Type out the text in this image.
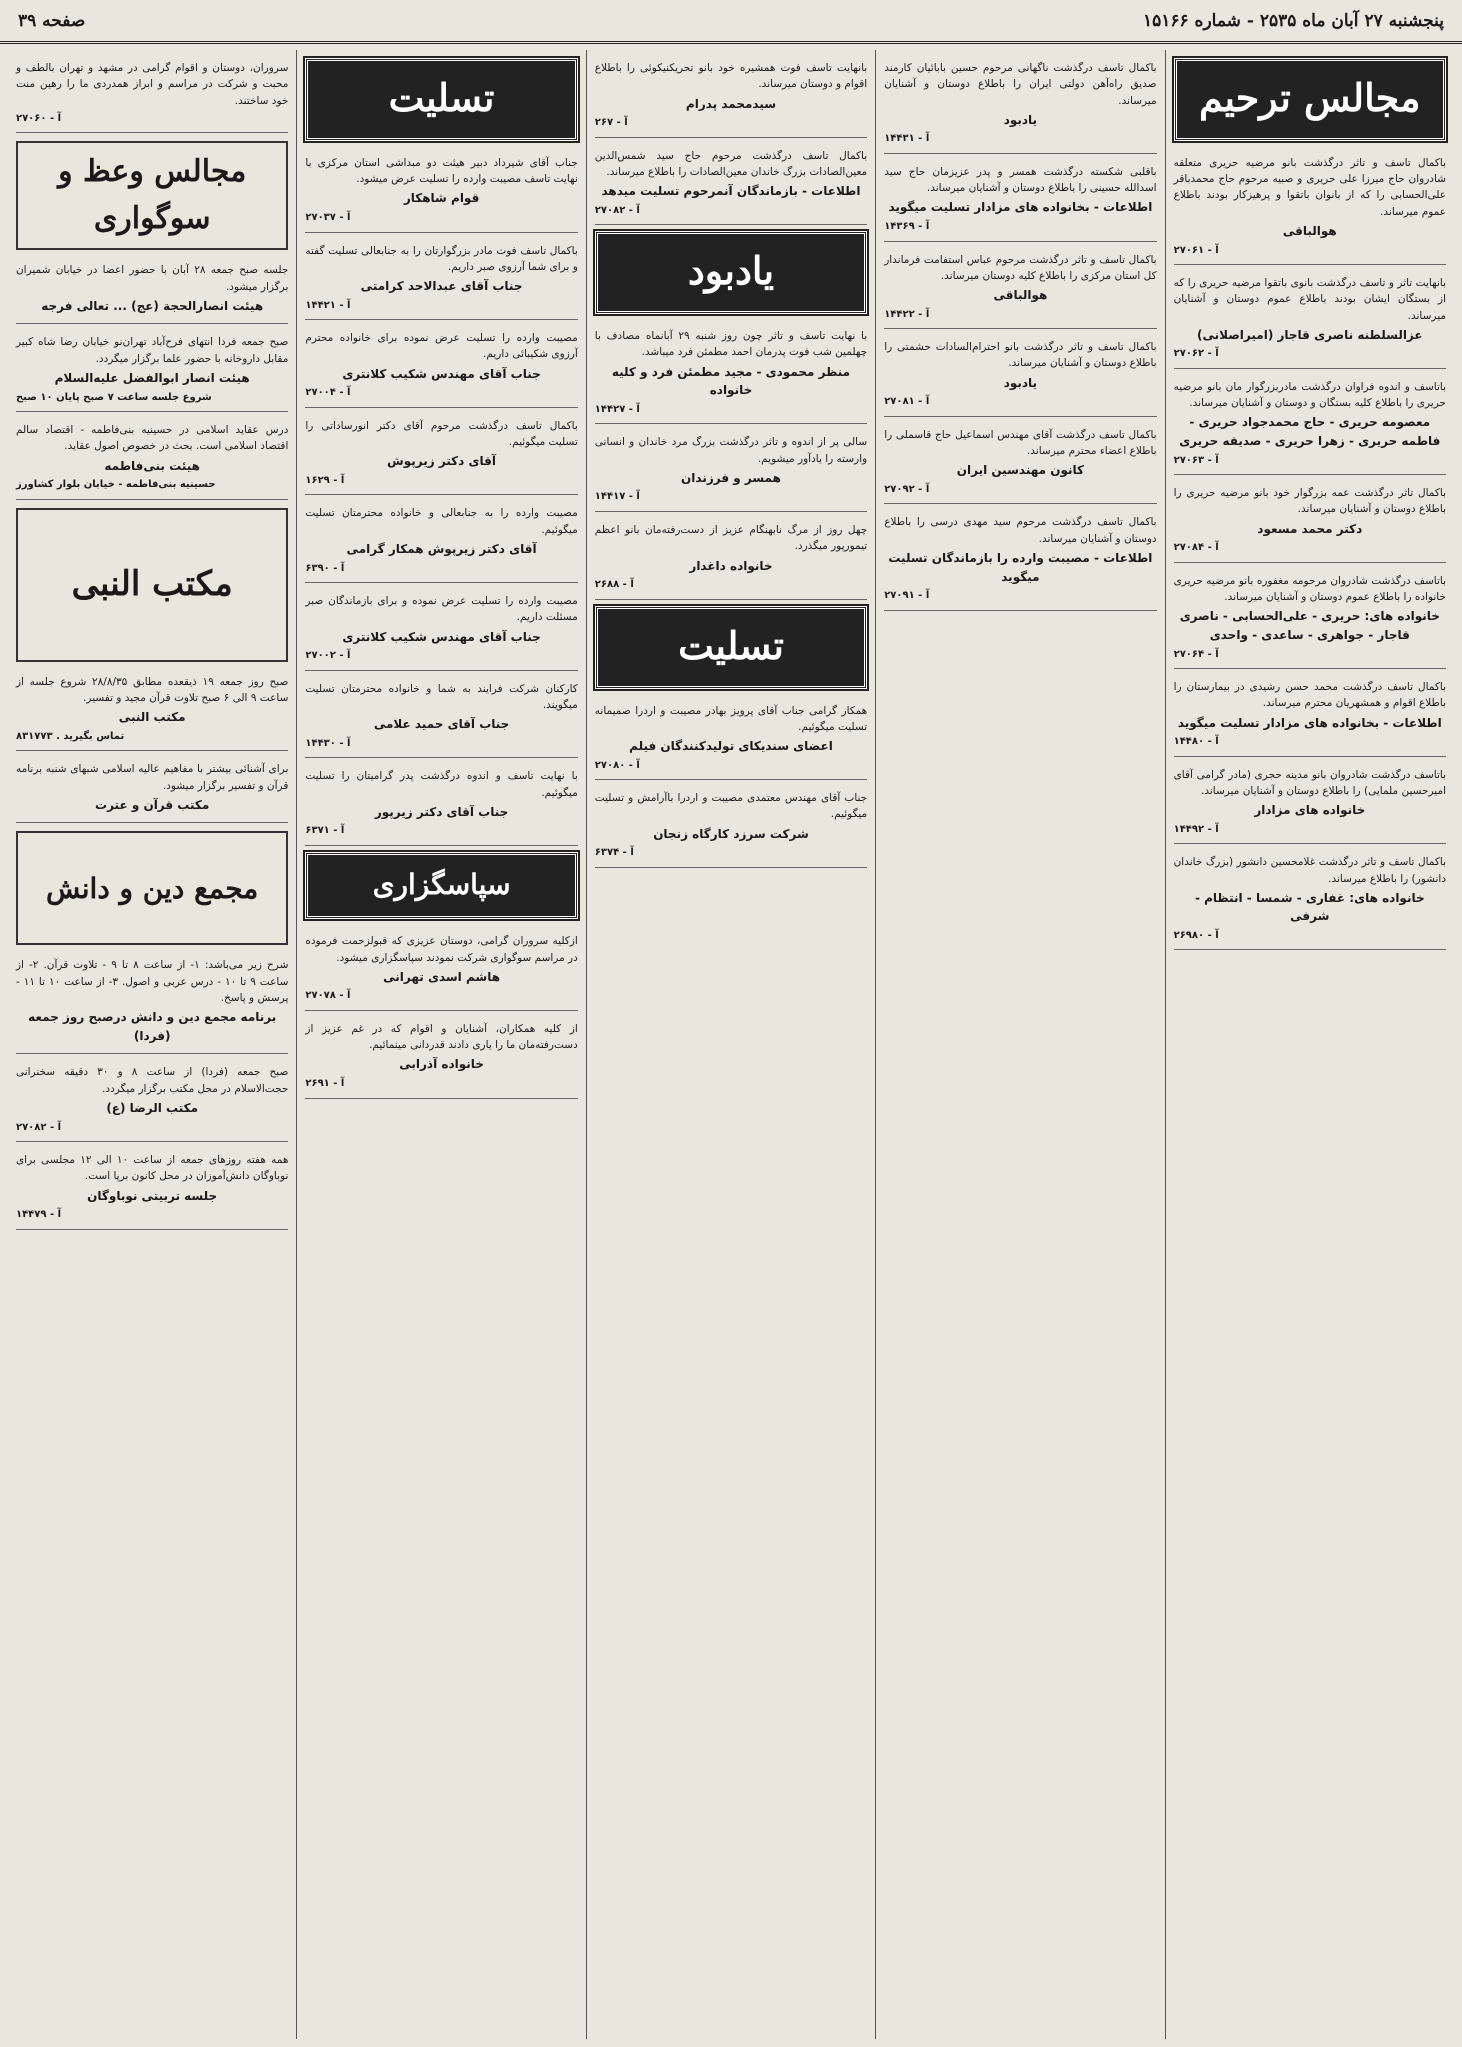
پنجشنبه ۲۷ آبان ماه ۲۵۳۵ - شماره ۱۵۱۶۶
صفحه ۳۹
مجالس ترحیم

باکمال تاسف و تاثر درگذشت بانو مرضیه حریری متعلقه شادروان حاج میرزا علی حریری و صبیه مرحوم حاج محمدباقر علی‌الحسابی را که از بانوان باتقوا و پرهیزکار بودند باطلاع عموم میرساند.

هوالباقی
۲۷۰۶۱ - آ

بانهایت تاثر و تاسف درگذشت بانوی باتقوا مرضیه حریری را که از بستگان ایشان بودند باطلاع عموم دوستان و آشنایان میرساند.

عزالسلطنه ناصری قاجار (امیراصلانی)
۲۷۰۶۲ - آ

باتاسف و اندوه فراوان درگذشت مادربزرگوار مان بانو مرضیه حریری را باطلاع کلیه بستگان و دوستان و آشنایان میرساند.

معصومه حریری - حاج محمدجواد حریری - فاطمه حریری - زهرا حریری - صدیقه حریری
۲۷۰۶۳ - آ

باکمال تاثر درگذشت عمه بزرگوار خود بانو مرضیه حریری را باطلاع دوستان و آشنایان میرساند.

دکتر محمد مسعود
۲۷۰۸۴ - آ

باتاسف درگذشت شادروان مرحومه مغفوره بانو مرضیه حریری خانواده را باطلاع عموم دوستان و آشنایان میرساند.

خانواده های: حریری - علی‌الحسابی - ناصری قاجار - جواهری - ساعدی - واحدی
۲۷۰۶۴ - آ

باکمال تاسف درگذشت محمد حسن رشیدی در بیمارستان را باطلاع اقوام و همشهریان محترم میرساند.

اطلاعات - بخانواده های مزادار تسلیت میگوید
۱۴۴۸۰ - آ

باتاسف درگذشت شادروان بانو مدینه حجری (مادر گرامی آقای امیرحسین ملمایی) را باطلاع دوستان و آشنایان میرساند.

خانواده های مزادار
۱۴۴۹۲ - آ

باکمال تاسف و تاثر درگذشت غلامحسین دانشور (بزرگ خاندان دانشور) را باطلاع میرساند.

خانواده های: غفاری - شمسا - انتظام - شرفی
۲۶۹۸۰ - آ

باکمال تاسف درگذشت ناگهانی مرحوم حسین بابائیان کارمند صدیق راه‌آهن دولتی ایران را باطلاع دوستان و آشنایان میرساند.

یادبود
۱۴۴۳۱ - آ

باقلبی شکسته درگذشت همسر و پدر عزیزمان حاج سید اسدالله حسینی را باطلاع دوستان و آشنایان میرساند.

اطلاعات - بخانواده های مزادار تسلیت میگوید
۱۴۳۶۹ - آ

باکمال تاسف و تاثر درگذشت مرحوم عباس استفامت فرماندار کل استان مرکزی را باطلاع کلیه دوستان میرساند.

هوالباقی
۱۴۴۲۲ - آ

باکمال تاسف و تاثر درگذشت بانو احترام‌السادات حشمتی را باطلاع دوستان و آشنایان میرساند.

یادبود
۲۷۰۸۱ - آ

باکمال تاسف درگذشت آقای مهندس اسماعیل حاج قاسملی را باطلاع اعضاء محترم میرساند.

کانون مهندسین ایران
۲۷۰۹۲ - آ

باکمال تاسف درگذشت مرحوم سید مهدی درسی را باطلاع دوستان و آشنایان میرساند.

اطلاعات - مصیبت وارده را بازماندگان تسلیت میگوید
۲۷۰۹۱ - آ

بانهایت تاسف فوت همشیره خود بانو تحریکنیکوئی را باطلاع اقوام و دوستان میرساند.

سیدمحمد پدرام
۲۶۷ - آ

باکمال تاسف درگذشت مرحوم حاج سید شمس‌الدین معین‌الصادات بزرگ خاندان معین‌الصادات را باطلاع میرساند.

اطلاعات - بازماندگان آنمرحوم تسلیت میدهد
۲۷۰۸۲ - آ
یادبود

با نهایت تاسف و تاثر چون روز شنبه ۲۹ آبانماه مصادف با چهلمین شب فوت پدرمان احمد مطمئن فرد میباشد.

منظر محمودی - مجید مطمئن فرد و کلیه خانواده
۱۴۴۲۷ - آ

سالی پر از اندوه و تاثر درگذشت بزرگ مرد خاندان و انسانی وارسته را یادآور میشویم.

همسر و فرزندان
۱۴۴۱۷ - آ

چهل روز از مرگ نابهنگام عزیز از دست‌رفته‌مان بانو اعظم تیمورپور میگذرد.

خانواده داغدار
۲۶۸۸ - آ
تسلیت

همکار گرامی جناب آقای پرویز بهادر مصیبت و اردرا صمیمانه تسلیت میگوئیم.

اعضای سندیکای تولیدکنندگان فیلم
۲۷۰۸۰ - آ

جناب آقای مهندس معتمدی مصیبت و اردرا باآرامش و تسلیت میگوئیم.

شرکت سرزد کارگاه زنجان
۶۳۷۴ - آ
تسلیت

جناب آقای شیرداد دبیر هیئت دو مبداشی استان مرکزی با نهایت تاسف مصیبت وارده را تسلیت عرض میشود.

قوام شاهکار
۲۷۰۳۷ - آ

باکمال تاسف فوت مادر بزرگوارتان را به جنابعالی تسلیت گفته و برای شما آرزوی صبر داریم.

جناب آقای عبدالاحد کرامتی
۱۴۴۲۱ - آ

مصیبت وارده را تسلیت عرض نموده برای خانواده محترم آرزوی شکیبائی داریم.

جناب آقای مهندس شکیب کلانتری
۲۷۰۰۴ - آ

باکمال تاسف درگذشت مرحوم آقای دکتر انورساداتی را تسلیت میگوئیم.

آقای دکتر زیرپوش
۱۶۲۹ - آ

مصیبت وارده را به جنابعالی و خانواده محترمتان تسلیت میگوئیم.

آقای دکتر زیرپوش همکار گرامی
۶۳۹۰ - آ

مصیبت وارده را تسلیت عرض نموده و برای بازماندگان صبر مسئلت داریم.

جناب آقای مهندس شکیب کلانتری
۲۷۰۰۲ - آ

کارکنان شرکت فرایند به شما و خانواده محترمتان تسلیت میگویند.

جناب آقای حمید علامی
۱۴۴۳۰ - آ

با نهایت تاسف و اندوه درگذشت پدر گرامیتان را تسلیت میگوئیم.

جناب آقای دکتر زیرپور
۶۳۷۱ - آ
سپاسگزاری

ازکلیه سروران گرامی، دوستان عزیزی که قبولزحمت فرموده در مراسم سوگواری شرکت نمودند سپاسگزاری میشود.

هاشم اسدی تهرانی
۲۷۰۷۸ - آ

از کلیه همکاران، آشنایان و اقوام که در غم عزیز از دست‌رفته‌مان ما را یاری دادند قدردانی مینمائیم.

خانواده آذرابی
۲۶۹۱ - آ

سروران، دوستان و اقوام گرامی در مشهد و تهران بالطف و محبت و شرکت در مراسم و ابراز همدردی ما را رهین منت خود ساختند.

۲۷۰۶۰ - آ
مجالس وعظ و سوگواری

جلسه صبح جمعه ۲۸ آبان با حضور اعضا در خیابان شمیران برگزار میشود.

هیئت انصارالحجة (عج) ... تعالی فرجه

صبح جمعه فردا انتهای فرح‌آباد تهران‌نو خیابان رضا شاه کبیر مقابل داروخانه با حضور علما برگزار میگردد.

هیئت انصار ابوالفضل علیه‌السلام
شروع جلسه ساعت ۷ صبح پایان ۱۰ صبح

درس عقاید اسلامی در حسینیه بنی‌فاطمه - اقتصاد سالم اقتصاد اسلامی است. بحث در خصوص اصول عقاید.

هیئت بنی‌فاطمه
حسینیه بنی‌فاطمه - خیابان بلوار کشاورز
مکتب النبی

صبح روز جمعه ۱۹ ذیقعده مطابق ۲۸/۸/۳۵ شروع جلسه از ساعت ۹ الی ۶ صبح تلاوت قرآن مجید و تفسیر.

مکتب النبی
تماس بگیرید . ۸۳۱۷۷۳

برای آشنائی بیشتر با مفاهیم عالیه اسلامی شبهای شنبه برنامه قرآن و تفسیر برگزار میشود.

مکتب قرآن و عترت
مجمع دین و دانش

شرح زیر می‌باشد: ۱- از ساعت ۸ تا ۹ - تلاوت قرآن. ۲- از ساعت ۹ تا ۱۰ - درس عربی و اصول. ۳- از ساعت ۱۰ تا ۱۱ - پرسش و پاسخ.

برنامه مجمع دین و دانش درصبح روز جمعه (فردا)

صبح جمعه (فردا) از ساعت ۸ و ۳۰ دقیقه سخنرانی حجت‌الاسلام در محل مکتب برگزار میگردد.

مکتب الرضا (ع)
۲۷۰۸۲ - آ

همه هفته روزهای جمعه از ساعت ۱۰ الی ۱۲ مجلسی برای نوباوگان دانش‌آموزان در محل کانون برپا است.

جلسه تربیتی نوباوگان
۱۴۴۷۹ - آ
